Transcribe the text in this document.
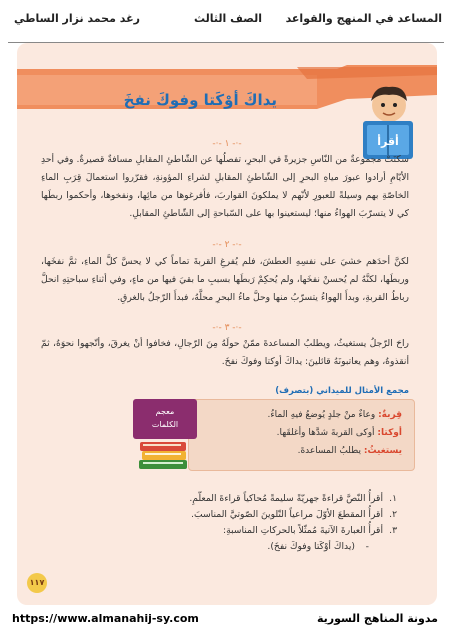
المساعد في المنهج والقواعد
الصف الثالث
رغد محمد نزار الساطي
يداكَ أوْكَتا وفوكَ نفخَ
أقرأ
-·- ١ -·-
سكنَتْ مجموعةٌ من النّاسِ جزيرةً في البحرِ، تفصلُها عن الشّاطئِ المقابلِ مسافةٌ قصيرةٌ. وفي أحدِ الأيّامِ أرادوا عبورَ مياهِ البحرِ إلى الشّاطئِ المقابلِ لشراءِ المؤونةِ، فقرّروا استعمالَ قِرَبِ الماءِ الخاصّةِ بهم وسيلةً للعبورِ لأنّهم لا يملكونَ القواربَ، فأفرغوها من مائِها، ونفخوها، وأحكموا ربطَها كي لا يتسرّبَ الهواءُ منها؛ ليستعينوا بها على السّباحةِ إلى الشّاطئِ المقابلِ.
-·- ٢ -·-
لكنَّ أحدَهم خشيَ على نفسِهِ العطشَ، فلم يُفرغِ القربةَ تماماً كي لا يحسَّ كلَّ الماءِ، ثمَّ نفخَها، وربطَها، لكنَّهُ لم يُحسنْ نفخَها، ولم يُحكِمْ رَبطَها بسببِ ما بقيَ فيها من ماءٍ، وفي أثناءِ سباحتِهِ انحلَّ رباطُ القربةِ، وبدأَ الهواءُ يتسرّبُ منها وحلَّ ماءُ البحرِ محلَّهُ، فبدأَ الرّجلُ بالغرقِ.
-·- ٣ -·-
راحَ الرّجلُ يستغيثُ، ويطلبُ المساعدةَ ممّنْ حولَهُ مِنَ الرّجالِ، فخافوا أنْ يغرقَ، وأتّجهوا نحوَهُ، ثمّ أنقذوهُ، وهم يعاتبونَهُ قائلينَ: يداكَ أوكتا وفوكَ نفخَ.
مجمع الأمثال للميداني (بتصرف)
قِربةٌ: وعاءٌ منْ جلدٍ يُوضعُ فيهِ الماءُ.
أوكتا: أوكى القربةَ شدَّها وأغلقَها.
يستغيثُ: يطلبُ المساعدةَ.
معجم
الكلمات
١.أقرأُ النّصَّ قراءةً جهريّةً سليمةً مُحاكياً قراءةَ المعلّمِ.
٢.أقرأُ المقطعَ الأوّلَ مراعياً التّلوينَ الصّوتيَّ المناسبَ.
٣.أقرأُ العبارةَ الآتيةَ مُمثّلاً بالحركاتِ المناسبةِ:
-(يداكَ أوْكَتا وفوكَ نفخَ).
١١٧
https://www.almanahij-sy.com	مدونة المناهج السورية
